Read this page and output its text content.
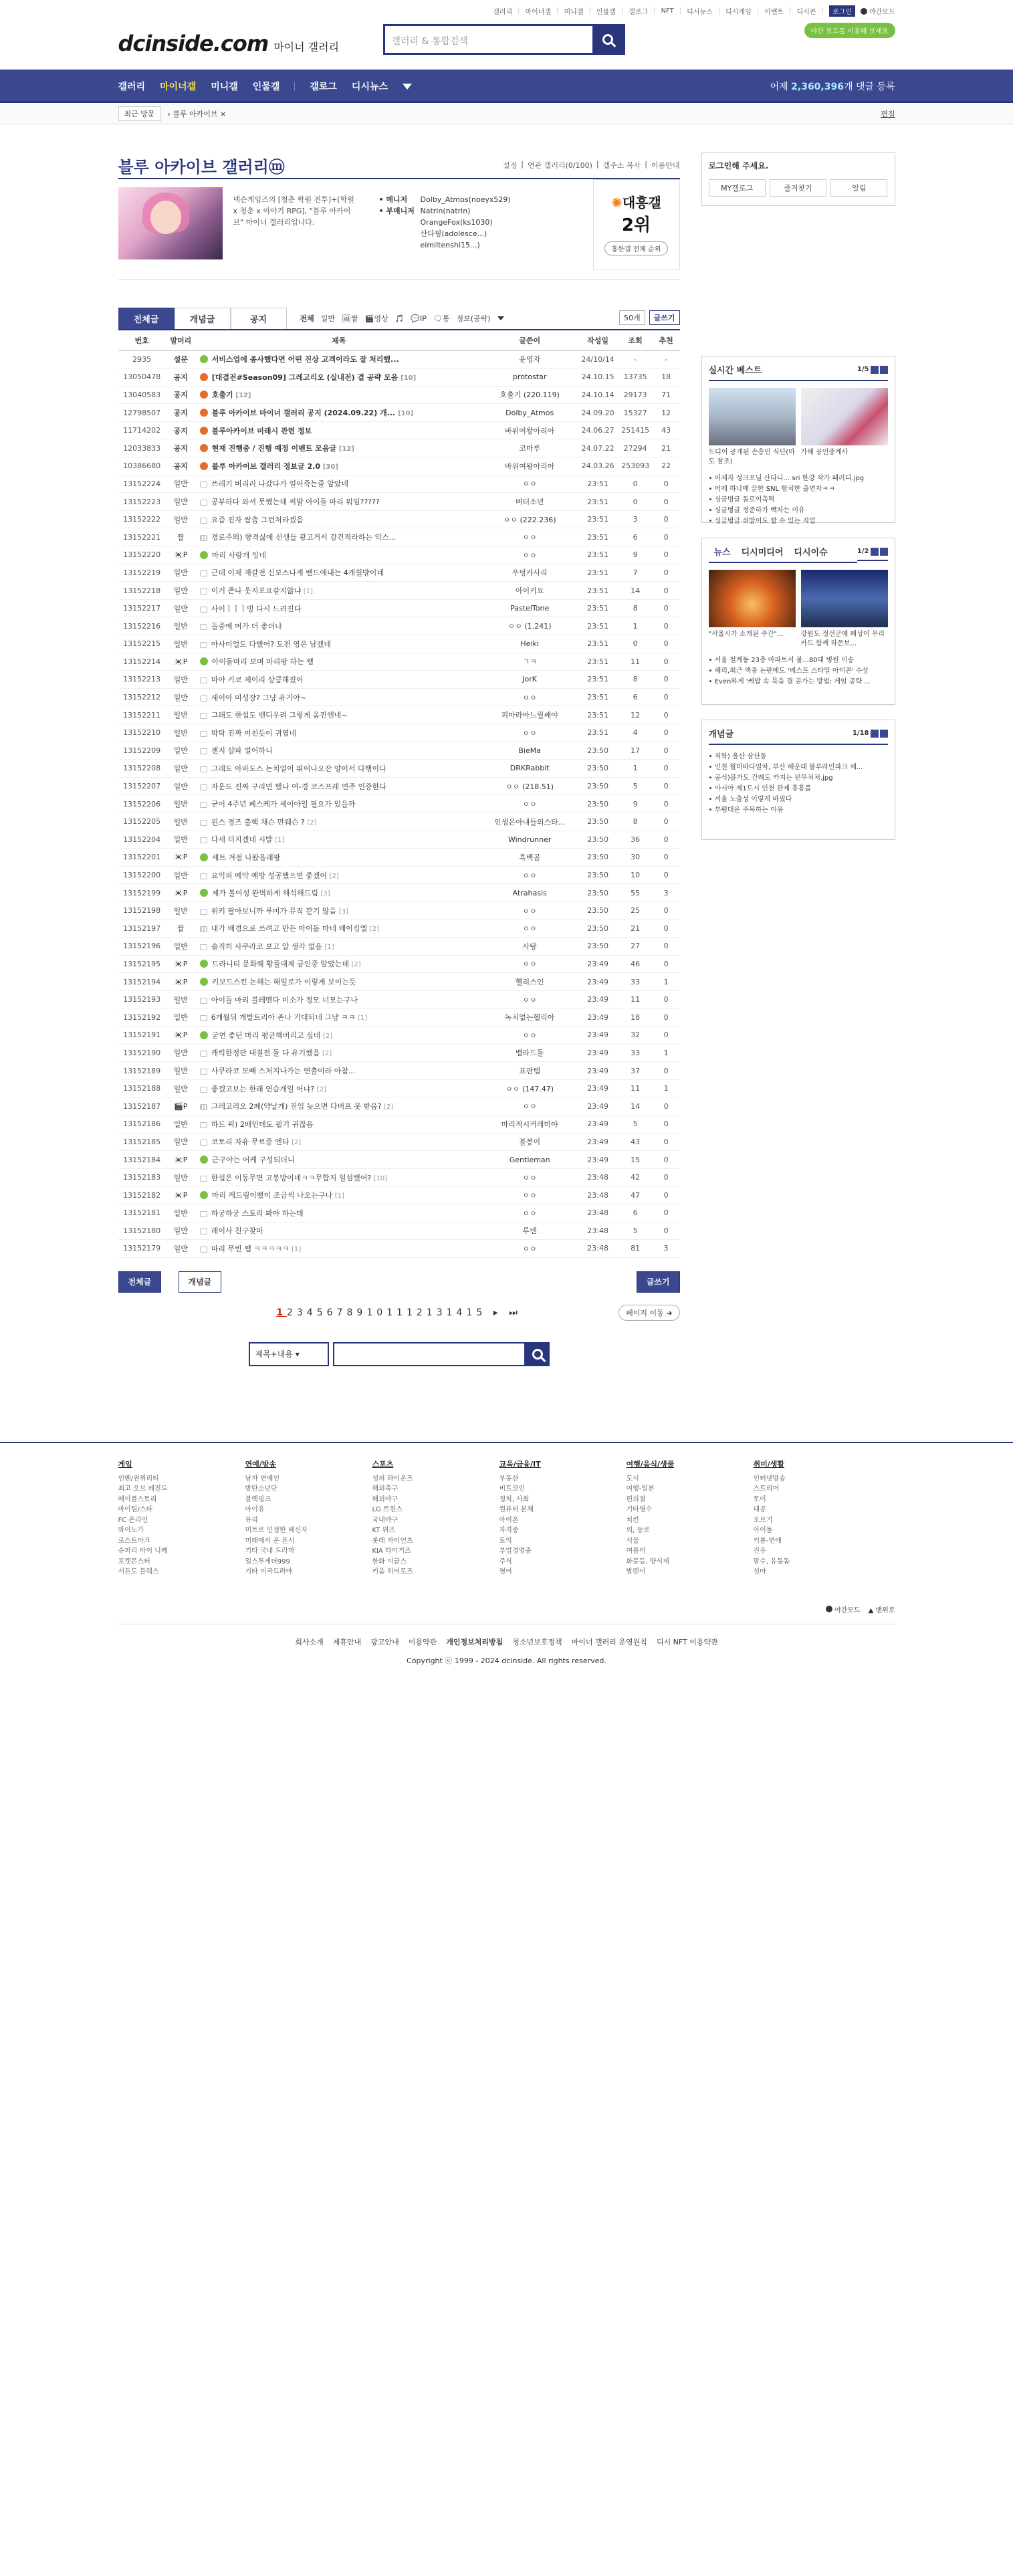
갤러리 | 마이너갤 | 미니갤 | 인물갤 | 갤로그 | NFT | 디시뉴스 | 디시게임 | 이벤트 | 디시콘 |	로그인	야간모드
dcinside.com 마이너 갤러리	갤러리 & 통합검색
야간 모드를 이용해 보세요
갤러리 마이너갤 미니갤 인물갤	갤로그 디시뉴스	어제 2,360,396개 댓글 등록
최근 방문	› 블루 아카이브 ×	편집
블루 아카이브 갤러리ⓜ	설정 | 연관 갤러리(0/100) | 갤주소 복사 | 이용안내
넥슨게임즈의 [청춘 학원 전투]+[학원 x 청춘 x 이야기 RPG], "블루 아카이브" 마이너 갤러리입니다.
• 매니저 Dolby_Atmos(noeyx529)
• 부매니저 Natrin(natrin)
OrangeFox(ks1030)
산타핑(adolesce...)
eimiltenshi15...)
✺대흥갤
2위
흥한갤 전체 순위
전체글	개념글	공지	전체 일반 🖼짤 🎬영상 🎵 💬IP 🗨통 정보(공략)	50개	글쓰기
번호	말머리	제목	글쓴이	작성일	조회	추천
2935	설문	서비스업에 종사했다면 어떤 진상 고객이라도 잘 처리했...	운영자	24/10/14	-	-
13050478	공지	[대결전#Season09] 그레고리오 (실내전) 결 공략 모음 [10]	protostar	24.10.15	13735	18
13040583	공지	호출기 [12]	호출기 (220.119)	24.10.14	29173	71
12798507	공지	블루 아카이브 마이너 갤러리 공지 (2024.09.22) 개... [10]	Dolby_Atmos	24.09.20	15327	12
11714202	공지	블루아카이브 미래시 관련 정보	바위여왕아리아	24.06.27	251415	43
12033833	공지	현재 진행중 / 진행 예정 이벤트 모음글 [12]	코마루	24.07.22	27294	21
10386680	공지	블루 아카이브 갤러리 정보글 2.0 [30]	바위여왕아리아	24.03.26	253093	22
13152224	일반	쓰레기 버리러 나갔다가 얼어죽는줄 알았네	ㅇㅇ	23:51	0	0
13152223	일반	공부하다 와서 못했는데 씨발 아이들 마리 뭐임?????	버터소년	23:51	0	0
13152222	일반	요즘 진자 쌈춤 그런처라겠음	ㅇㅇ (222.236)	23:51	3	0
13152221	짤	경로주의) 향격싫에 선생들 광고거서 강건적라하는 악스...	ㅇㅇ	23:51	6	0
13152220	🇰🇷P	마리 사랑개 잉네	ㅇㅇ	23:51	9	0
13152219	일반	근데 이제 재갈전 신보스나게 밴드애내는 4개월밖이네	우덩카사리	23:51	7	0
13152218	일반	이거 존나 웃지포요같지않냐 [1]	아이키요	23:51	14	0
13152217	일반	사이ㅣㅣㅣ빙 다시 느려진다	PastelTone	23:51	8	0
13152216	일반	돌중에 머가 더 좋더냐	ㅇㅇ (1.241)	23:51	1	0
13152215	일반	아사미얼도 다했어? 도전 영은 남겠네	Heiki	23:51	0	0
13152214	🇰🇷P	아이돌마리 보며 마리팡 하는 쨈	ㄱㅋ	23:51	11	0
13152213	일반	마야 키코 제이리 상큼해졌어	JorK	23:51	8	0
13152212	일반	세이아 미성장? 그냥 유기야~	ㅇㅇ	23:51	6	0
13152211	일반	그래도 한섭도 밴디우려 그렇게 옴진엔네~	피마라마느릴쌔야	23:51	12	0
13152210	일반	박탁 진짜 미친듯이 귀엽네	ㅇㅇ	23:51	4	0
13152209	일반	젠지 샵파 얼어하니	BieMa	23:50	17	0
13152208	일반	그래도 아바도스 논치얼이 뛰어나오잔 양이서 다행이다	DRKRabbit	23:50	1	0
13152207	일반	자운도 진짜 구리면 했나 여-경 코스프레 연주 인증한다	ㅇㅇ (218.51)	23:50	5	0
13152206	일반	굳이 4주년 페스케가 세이아일 필요가 있을까	ㅇㅇ	23:50	9	0
13152205	일반	윈스 경즈 출핵 채슨 만웨슨 ? [2]	인생은아내들의스타...	23:50	8	0
13152204	일반	다세 터지겠네 시발 [1]	Windrunner	23:50	36	0
13152201	🇰🇷P	세트 겨점 나왔읍래팡	흑백곰	23:50	30	0
13152200	일반	요익퍼 예약 예방 성공했으면 좋겠어 [2]	ㅇㅇ	23:50	10	0
13152199	🇰🇷P	제가 볼여성 완벽하게 해석해드림 [3]	Atrahasis	23:50	55	3
13152198	일반	위키 팔아보니까 루미가 뮤직 같기 않음 [3]	ㅇㅇ	23:50	25	0
13152197	짤	내가 배경으로 쓰려고 만든 아이돌 마네 배이킹엘 [2]	ㅇㅇ	23:50	21	0
13152196	일반	솔직히 사쿠라코 보고 알 생각 없음 [1]	사탕	23:50	27	0
13152195	🇰🇷P	드라니티 문화퀘 황풀대제 금인중 알았는데 [2]	ㅇㅇ	23:49	46	0
13152194	🇰🇷P	키보드스킨 논해는 해일로가 이렇게 보이는듯	헬리스인	23:49	33	1
13152193	일반	아이돌 마리 블레멘다 미소가 정모 너모는구나	ㅇㅇ	23:49	11	0
13152192	일반	6개월뒤 개발트리아 존나 기대되네 그냥 ㅋㅋ [1]	녹치없는헬리아	23:49	18	0
13152191	🇰🇷P	굳연 좋던 마리 평균해버리고 싶네 [2]	ㅇㅇ	23:49	32	0
13152190	일반	캐릭한정판 대결전 돌 다 유기했음 [2]	뱀라드돌	23:49	33	1
13152189	일반	사쿠라코 모빼 스처지나가는 연출이라 아참...	표판템	23:49	37	0
13152188	일반	좋겠고보는 한래 연습개일 어냐? [2]	ㅇㅇ (147.47)	23:49	11	1
13152187	🎬P	그레고리오 2페(약날개) 진입 늦으면 다버프 못 받음? [2]	ㅇㅇ	23:49	14	0
13152186	일반	하드 픽) 2배인데도 필기 귀찮음	마리적시커레미야	23:49	5	0
13152185	일반	코토리 자유 무료증 엔타 [2]	블봉이	23:49	43	0
13152184	🇰🇷P	근구야는 어케 구성되더니	Gentleman	23:49	15	0
13152183	일반	한섭은 이동무면 고봉방이네ㅋㅋ무합지 일섬했어? [10]	ㅇㅇ	23:48	42	0
13152182	🇰🇷P	마리 케드링이뻤이 조금씩 나오는구나 [1]	ㅇㅇ	23:48	47	0
13152181	일반	하궁하궁 스토리 봐야 하는데	ㅇㅇ	23:48	6	0
13152180	일반	레이사 친구찾마	루넨	23:48	5	0
13152179	일반	마리 무빈 쨈 ㅋㅋㅋㅋㅋ [1]	ㅇㅇ	23:48	81	3
전체글	개념글	글쓰기
123456789101112131415 ▸ ⏭	페이지 이동 ➜
제목+내용 ▾
로그인해 주세요.
MY갤로그	즐겨찾기	알림
실시간 베스트	1/5
드디어 공개된 손흥민 식단(마도 참조)
가해 공인중계사
• 어제자 성크포닐 산타니... sri 한강 작가 패러디.jpg
• 어제 하나에 끌한 SNL 항치한 출연자ㅋㅋ
• 싱글벙글 돌로억축떡
• 싱글벙글 정준하가 빽차는 이유
• 싱글벙글 쉬발이도 할 수 있는 직업
뉴스	디시미디어	디시이슈	1/2
"서울시가 소개된 주간"...	강원도 정선군에 폐성이 우리카드 함께 하몬보...
• 서울 철계동 23층 아파트서 불...80대 병원 이송
• 헤리,최근 액중 논란에도 '베스트 스타일 아이콘' 수상
• Even하게 '케밥 속 묵을 결 곰가는 방법; 게임 공략 ...
개념글	1/18
• 직학) 울산 삼산동
• 인천 월미바다열차, 부산 해운대 블루라인파크 체...
• 공식)블가도 간례도 카지는 빈무처처.jpg
• 아시아 제1도시 인천 관제 흥흥품
• 서울 노출성 이렇게 바꿨다
• 부평대운 주목하는 이유
게임
인벤/권위리티
최고 오브 레전드
메이플스토리
마이팀/스타
FC 온라인
와이노가
로스트아크
슈퍼리 아이 니케
포켓몬스터
서든도 블렉스
연예/방송
남자 연예인
방탄소년단
블랙핑크
아이유
뮤리
미트로 인정한 배신자
미래에서 온 폰시
기타 국내 드라마
일스투게더999
기타 미국드라마
스포츠
성피 라이온즈
해외축구
해외야구
LG 트윈스
국내야구
KT 위즈
롯데 자이언츠
KIA 타이거즈
한화 이글스
키움 히어로즈
교육/금융/IT
부동산
비트코인
정치, 사회
컴퓨터 본체
아이폰
자격증
토익
부업경영중
주식
영어
여행/음식/생물
도시
여행-일본
편의점
기타영수
치킨
외, 등로
식물
여름이
화풍등, 양식제
발렌이
취미/생활
인터넷방송
스트리머
토이
대공
오르기
아이돌
키롱-연애
진우
팜수, 유동돔
섬마
야간모드 ▲ 맨위로
회사소개 제휴안내 광고안내 이용약관 개인정보처리방침 청소년보호정책 마이너 갤러리 운영원칙 디시 NFT 이용약관
Copyright ⓒ 1999 - 2024 dcinside. All rights reserved.
